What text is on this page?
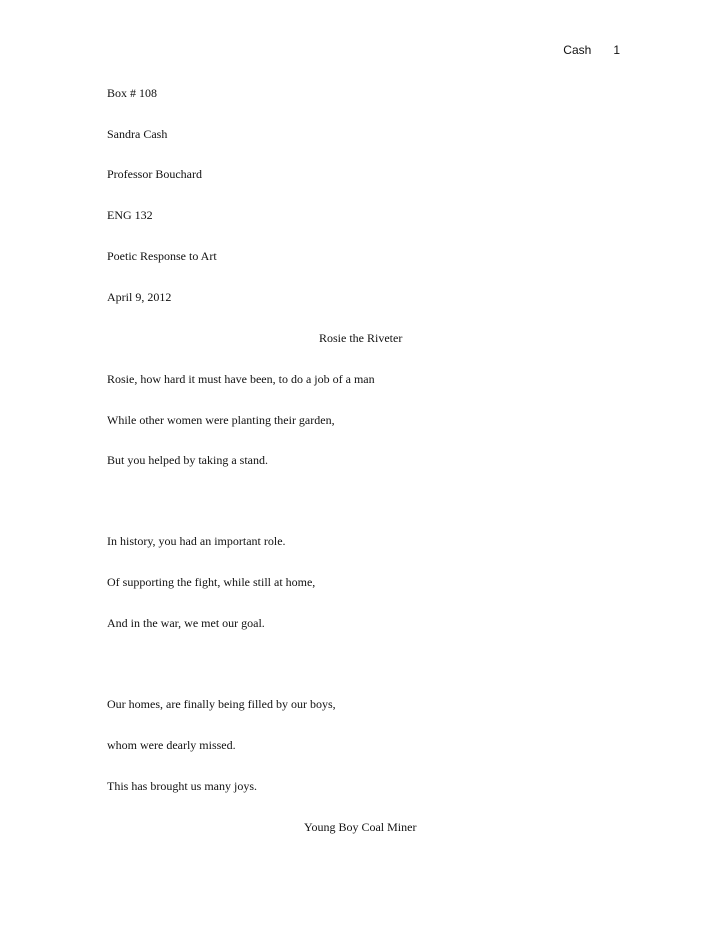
Cash 1
Box # 108
Sandra Cash
Professor Bouchard
ENG 132
Poetic Response to Art
April 9, 2012
Rosie the Riveter
Rosie, how hard it must have been, to do a job of a man
While other women were planting their garden,
But you helped by taking a stand.
In history, you had an important role.
Of supporting the fight, while still at home,
And in the war, we met our goal.
Our homes, are finally being filled by our boys,
whom were dearly missed.
This has brought us many joys.
Young Boy Coal Miner
